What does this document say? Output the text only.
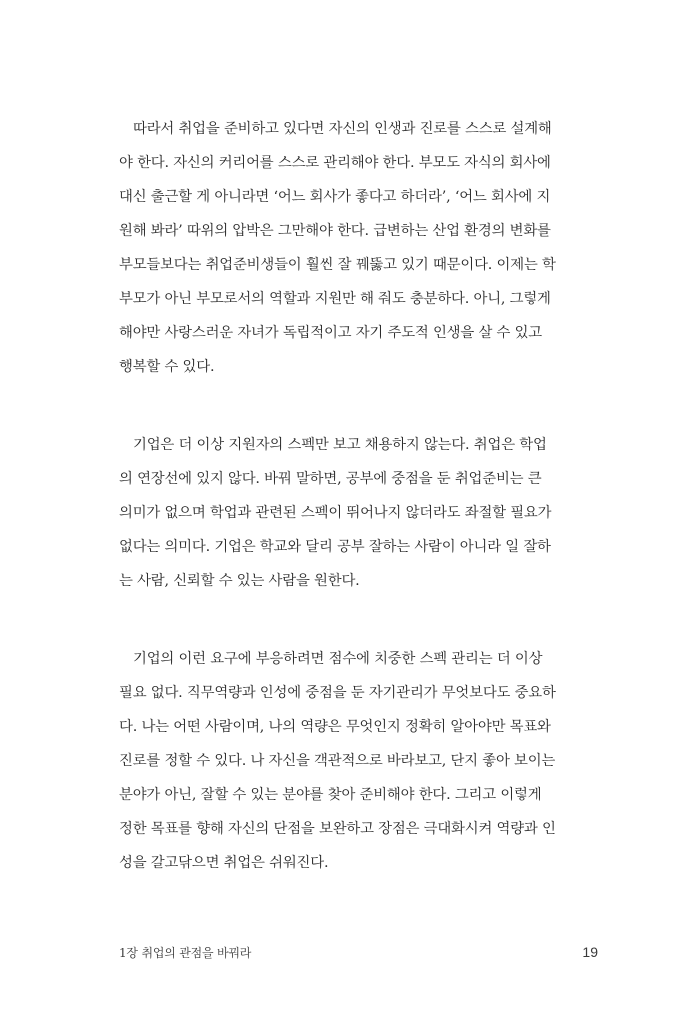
따라서 취업을 준비하고 있다면 자신의 인생과 진로를 스스로 설계해
야 한다. 자신의 커리어를 스스로 관리해야 한다. 부모도 자식의 회사에
대신 출근할 게 아니라면 ‘어느 회사가 좋다고 하더라’, ‘어느 회사에 지
원해 봐라’ 따위의 압박은 그만해야 한다. 급변하는 산업 환경의 변화를
부모들보다는 취업준비생들이 훨씬 잘 꿰뚫고 있기 때문이다. 이제는 학
부모가 아닌 부모로서의 역할과 지원만 해 줘도 충분하다. 아니, 그렇게
해야만 사랑스러운 자녀가 독립적이고 자기 주도적 인생을 살 수 있고
행복할 수 있다.

기업은 더 이상 지원자의 스펙만 보고 채용하지 않는다. 취업은 학업
의 연장선에 있지 않다. 바꿔 말하면, 공부에 중점을 둔 취업준비는 큰
의미가 없으며 학업과 관련된 스펙이 뛰어나지 않더라도 좌절할 필요가
없다는 의미다. 기업은 학교와 달리 공부 잘하는 사람이 아니라 일 잘하
는 사람, 신뢰할 수 있는 사람을 원한다.

기업의 이런 요구에 부응하려면 점수에 치중한 스펙 관리는 더 이상
필요 없다. 직무역량과 인성에 중점을 둔 자기관리가 무엇보다도 중요하
다. 나는 어떤 사람이며, 나의 역량은 무엇인지 정확히 알아야만 목표와
진로를 정할 수 있다. 나 자신을 객관적으로 바라보고, 단지 좋아 보이는
분야가 아닌, 잘할 수 있는 분야를 찾아 준비해야 한다. 그리고 이렇게
정한 목표를 향해 자신의 단점을 보완하고 장점은 극대화시켜 역량과 인
성을 갈고닦으면 취업은 쉬워진다.

1장 취업의 관점을 바꿔라	19
